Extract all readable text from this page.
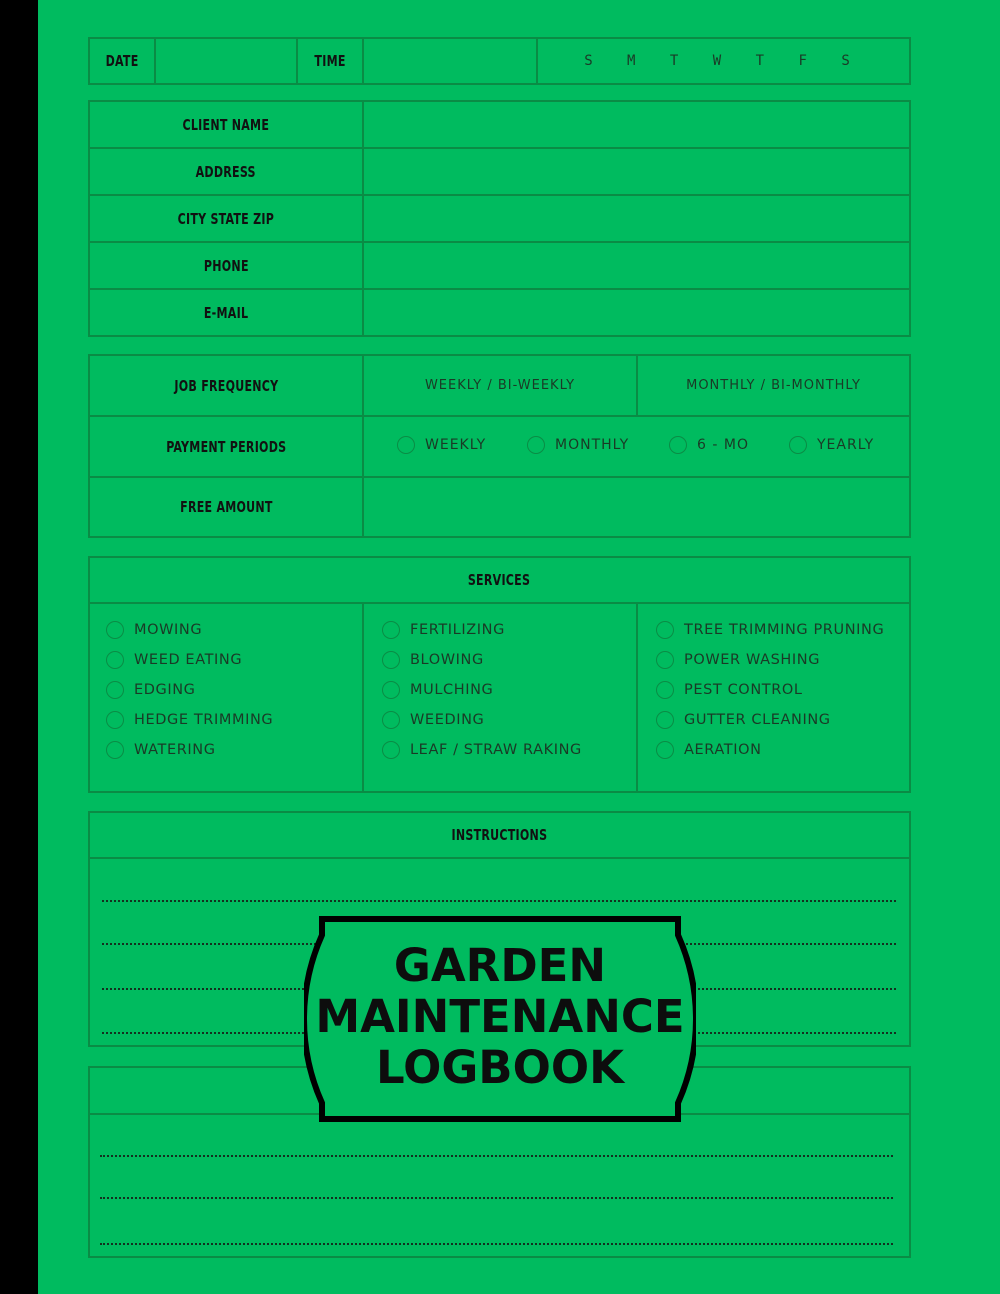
DATE	TIME	S M T W T F S
CLIENT NAME
ADDRESS
CITY STATE ZIP
PHONE
E-MAIL
JOB FREQUENCY	WEEKLY / BI-WEEKLY	MONTHLY / BI-MONTHLY
PAYMENT PERIODS	WEEKLY	MONTHLY	6 - MO	YEARLY
FREE AMOUNT
SERVICES
MOWING
WEED EATING
EDGING
HEDGE TRIMMING
WATERING
FERTILIZING
BLOWING
MULCHING
WEEDING
LEAF / STRAW RAKING
TREE TRIMMING PRUNING
POWER WASHING
PEST CONTROL
GUTTER CLEANING
AERATION
INSTRUCTIONS
GARDEN
MAINTENANCE
LOGBOOK
